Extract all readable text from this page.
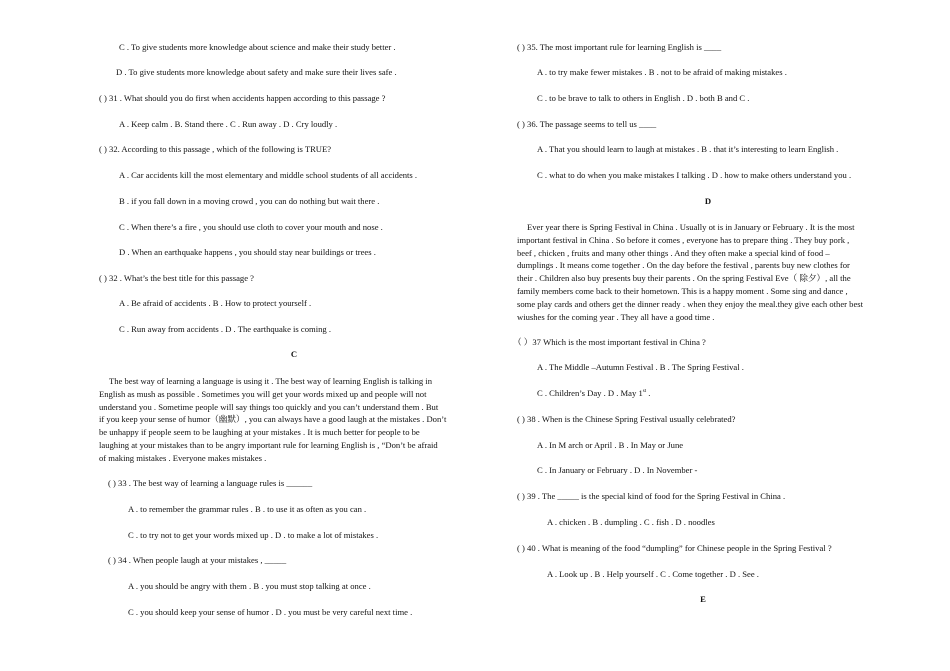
C . To give students more knowledge about science and make their study better .
D . To give students more knowledge about safety and make sure their lives safe .
( ) 31 . What should you do first when accidents happen according to this passage ?
A . Keep calm . B. Stand there . C . Run away . D . Cry loudly .
( ) 32. According to this passage , which of the following is TRUE?
A . Car accidents kill the most elementary and middle school students of all accidents .
B . if you fall down in a moving crowd , you can do nothing but wait there .
C . When there’s a fire , you should use cloth to cover your mouth and nose .
D . When an earthquake happens , you should stay near buildings or trees .
( ) 32 . What’s the best title for this passage ?
A . Be afraid of accidents . B . How to protect yourself .
C . Run away from accidents . D . The earthquake is coming .
C
The best way of learning a language is using it . The best way of learning English is talking in
English as mush as possible . Sometimes you will get your words mixed up and people will not
understand you . Sometime people will say things too quickly and you can’t understand them . But
if you keep your sense of humor（幽默）, you can always have a good laugh at the mistakes . Don’t
be unhappy if people seem to be laughing at your mistakes . It is much better for people to be
laughing at your mistakes than to be angry important rule for learning English is , “Don’t be afraid
of making mistakes . Everyone makes mistakes .
( ) 33 . The best way of learning a language rules is ______
A . to remember the grammar rules . B . to use it as often as you can .
C . to try not to get your words mixed up . D . to make a lot of mistakes .
( ) 34 . When people laugh at your mistakes , _____
A . you should be angry with them . B . you must stop talking at once .
C . you should keep your sense of humor . D . you must be very careful next time .
( ) 35. The most important rule for learning English is ____
A . to try make fewer mistakes . B . not to be afraid of making mistakes .
C . to be brave to talk to others in English . D . both B and C .
( ) 36. The passage seems to tell us ____
A . That you should learn to laugh at mistakes . B . that it’s interesting to learn English .
C . what to do when you make mistakes I talking . D . how to make others understand you .
D
Ever year there is Spring Festival in China . Usually ot is in January or February . It is the most
important festival in China . So before it comes , everyone has to prepare thing . They buy pork ,
beef , chicken , fruits and many other things . And they often make a special kind of food –
dumplings . It means come together . On the day before the festival , parents buy new clothes for
their . Children also buy presents buy their parents . On the spring Festival Eve（ 除夕）, all the
family members come back to their hometown. This is a happy moment . Some sing and dance ,
some play cards and others get the dinner ready . when they enjoy the meal.they give each other best
wiushes for the coming year . They all have a good time .
（ ）37 Which is the most important festival in China ?
A . The Middle –Autumn Festival . B . The Spring Festival .
C . Children’s Day . D . May 1st .
( ) 38 . When is the Chinese Spring Festival usually celebrated?
A . In M arch or April . B . In May or June
C . In January or February . D . In November -
( ) 39 . The _____ is the special kind of food for the Spring Festival in China .
A . chicken . B . dumpling . C . fish . D . noodles
( ) 40 . What is meaning of the food “dumpling” for Chinese people in the Spring Festival ?
A . Look up . B . Help yourself . C . Come together . D . See .
E
